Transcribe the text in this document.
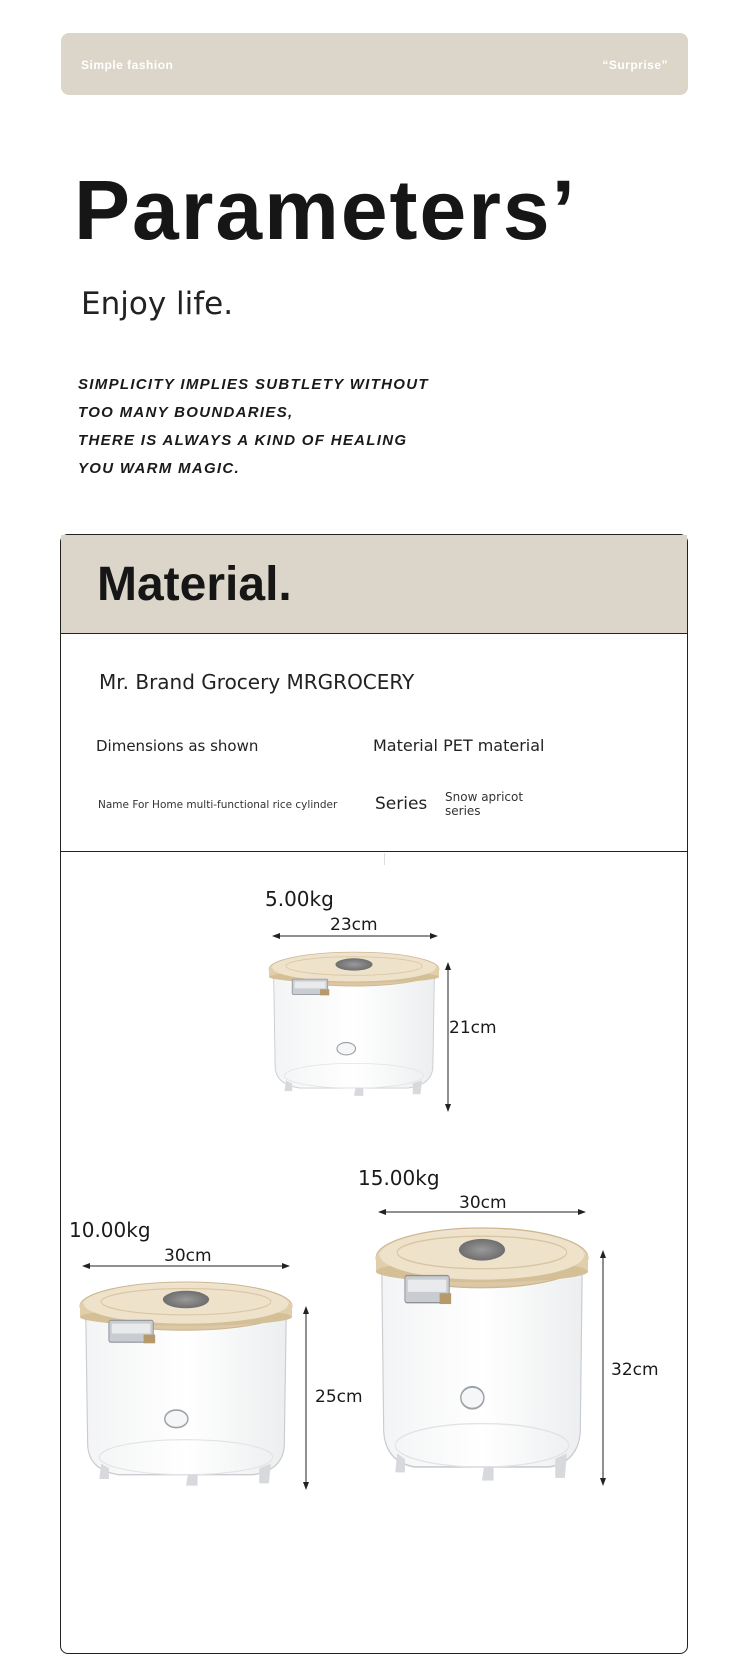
Simple fashion	“Surprise”
Parameters’
Enjoy life.
SIMPLICITY IMPLIES SUBTLETY WITHOUT
TOO MANY BOUNDARIES,
THERE IS ALWAYS A KIND OF HEALING
YOU WARM MAGIC.
Material.
Mr. Brand Grocery MRGROCERY
Dimensions as shown	Material PET material
Name For Home multi-functional rice cylinder Series Snow apricot series
5.00kg
23cm
21cm
15.00kg
30cm
32cm
10.00kg
30cm
25cm
